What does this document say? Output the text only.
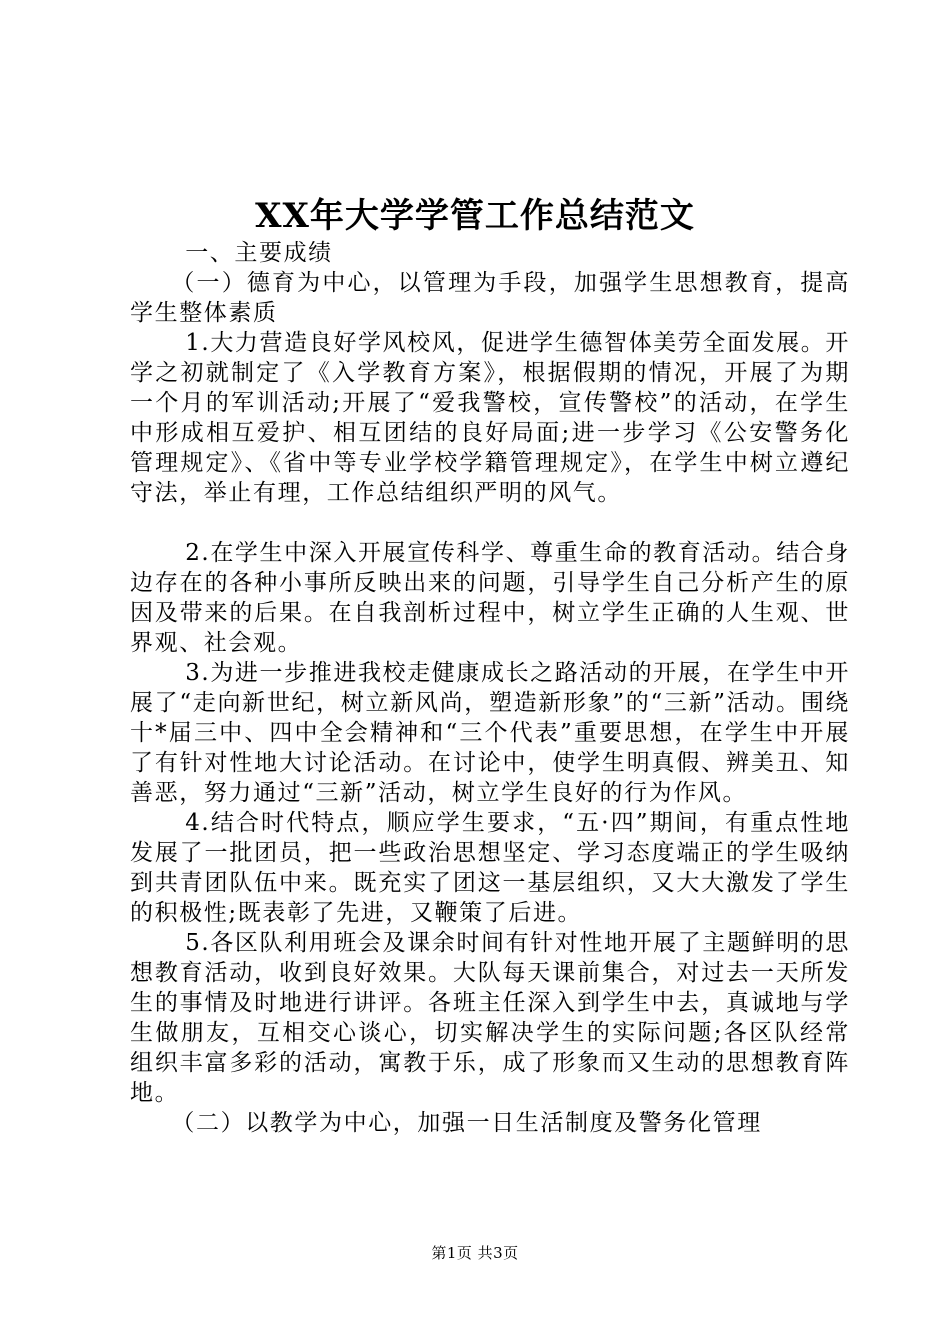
XX年大学学管工作总结范文

一、主要成绩

（一）德育为中心，以管理为手段，加强学生思想教育，提高学生整体素质

1.大力营造良好学风校风，促进学生德智体美劳全面发展。开学之初就制定了《入学教育方案》，根据假期的情况，开展了为期一个月的军训活动;开展了“爱我警校，宣传警校”的活动，在学生中形成相互爱护、相互团结的良好局面;进一步学习《公安警务化管理规定》、《省中等专业学校学籍管理规定》，在学生中树立遵纪守法，举止有理，工作总结组织严明的风气。

2.在学生中深入开展宣传科学、尊重生命的教育活动。结合身边存在的各种小事所反映出来的问题，引导学生自己分析产生的原因及带来的后果。在自我剖析过程中，树立学生正确的人生观、世界观、社会观。

3.为进一步推进我校走健康成长之路活动的开展，在学生中开展了“走向新世纪，树立新风尚，塑造新形象”的“三新”活动。围绕十*届三中、四中全会精神和“三个代表”重要思想，在学生中开展了有针对性地大讨论活动。在讨论中，使学生明真假、辨美丑、知善恶，努力通过“三新”活动，树立学生良好的行为作风。

4.结合时代特点，顺应学生要求，“五·四”期间，有重点性地发展了一批团员，把一些政治思想坚定、学习态度端正的学生吸纳到共青团队伍中来。既充实了团这一基层组织，又大大激发了学生的积极性;既表彰了先进，又鞭策了后进。

5.各区队利用班会及课余时间有针对性地开展了主题鲜明的思想教育活动，收到良好效果。大队每天课前集合，对过去一天所发生的事情及时地进行讲评。各班主任深入到学生中去，真诚地与学生做朋友，互相交心谈心，切实解决学生的实际问题;各区队经常组织丰富多彩的活动，寓教于乐，成了形象而又生动的思想教育阵地。

（二）以教学为中心，加强一日生活制度及警务化管理

第1页 共3页
